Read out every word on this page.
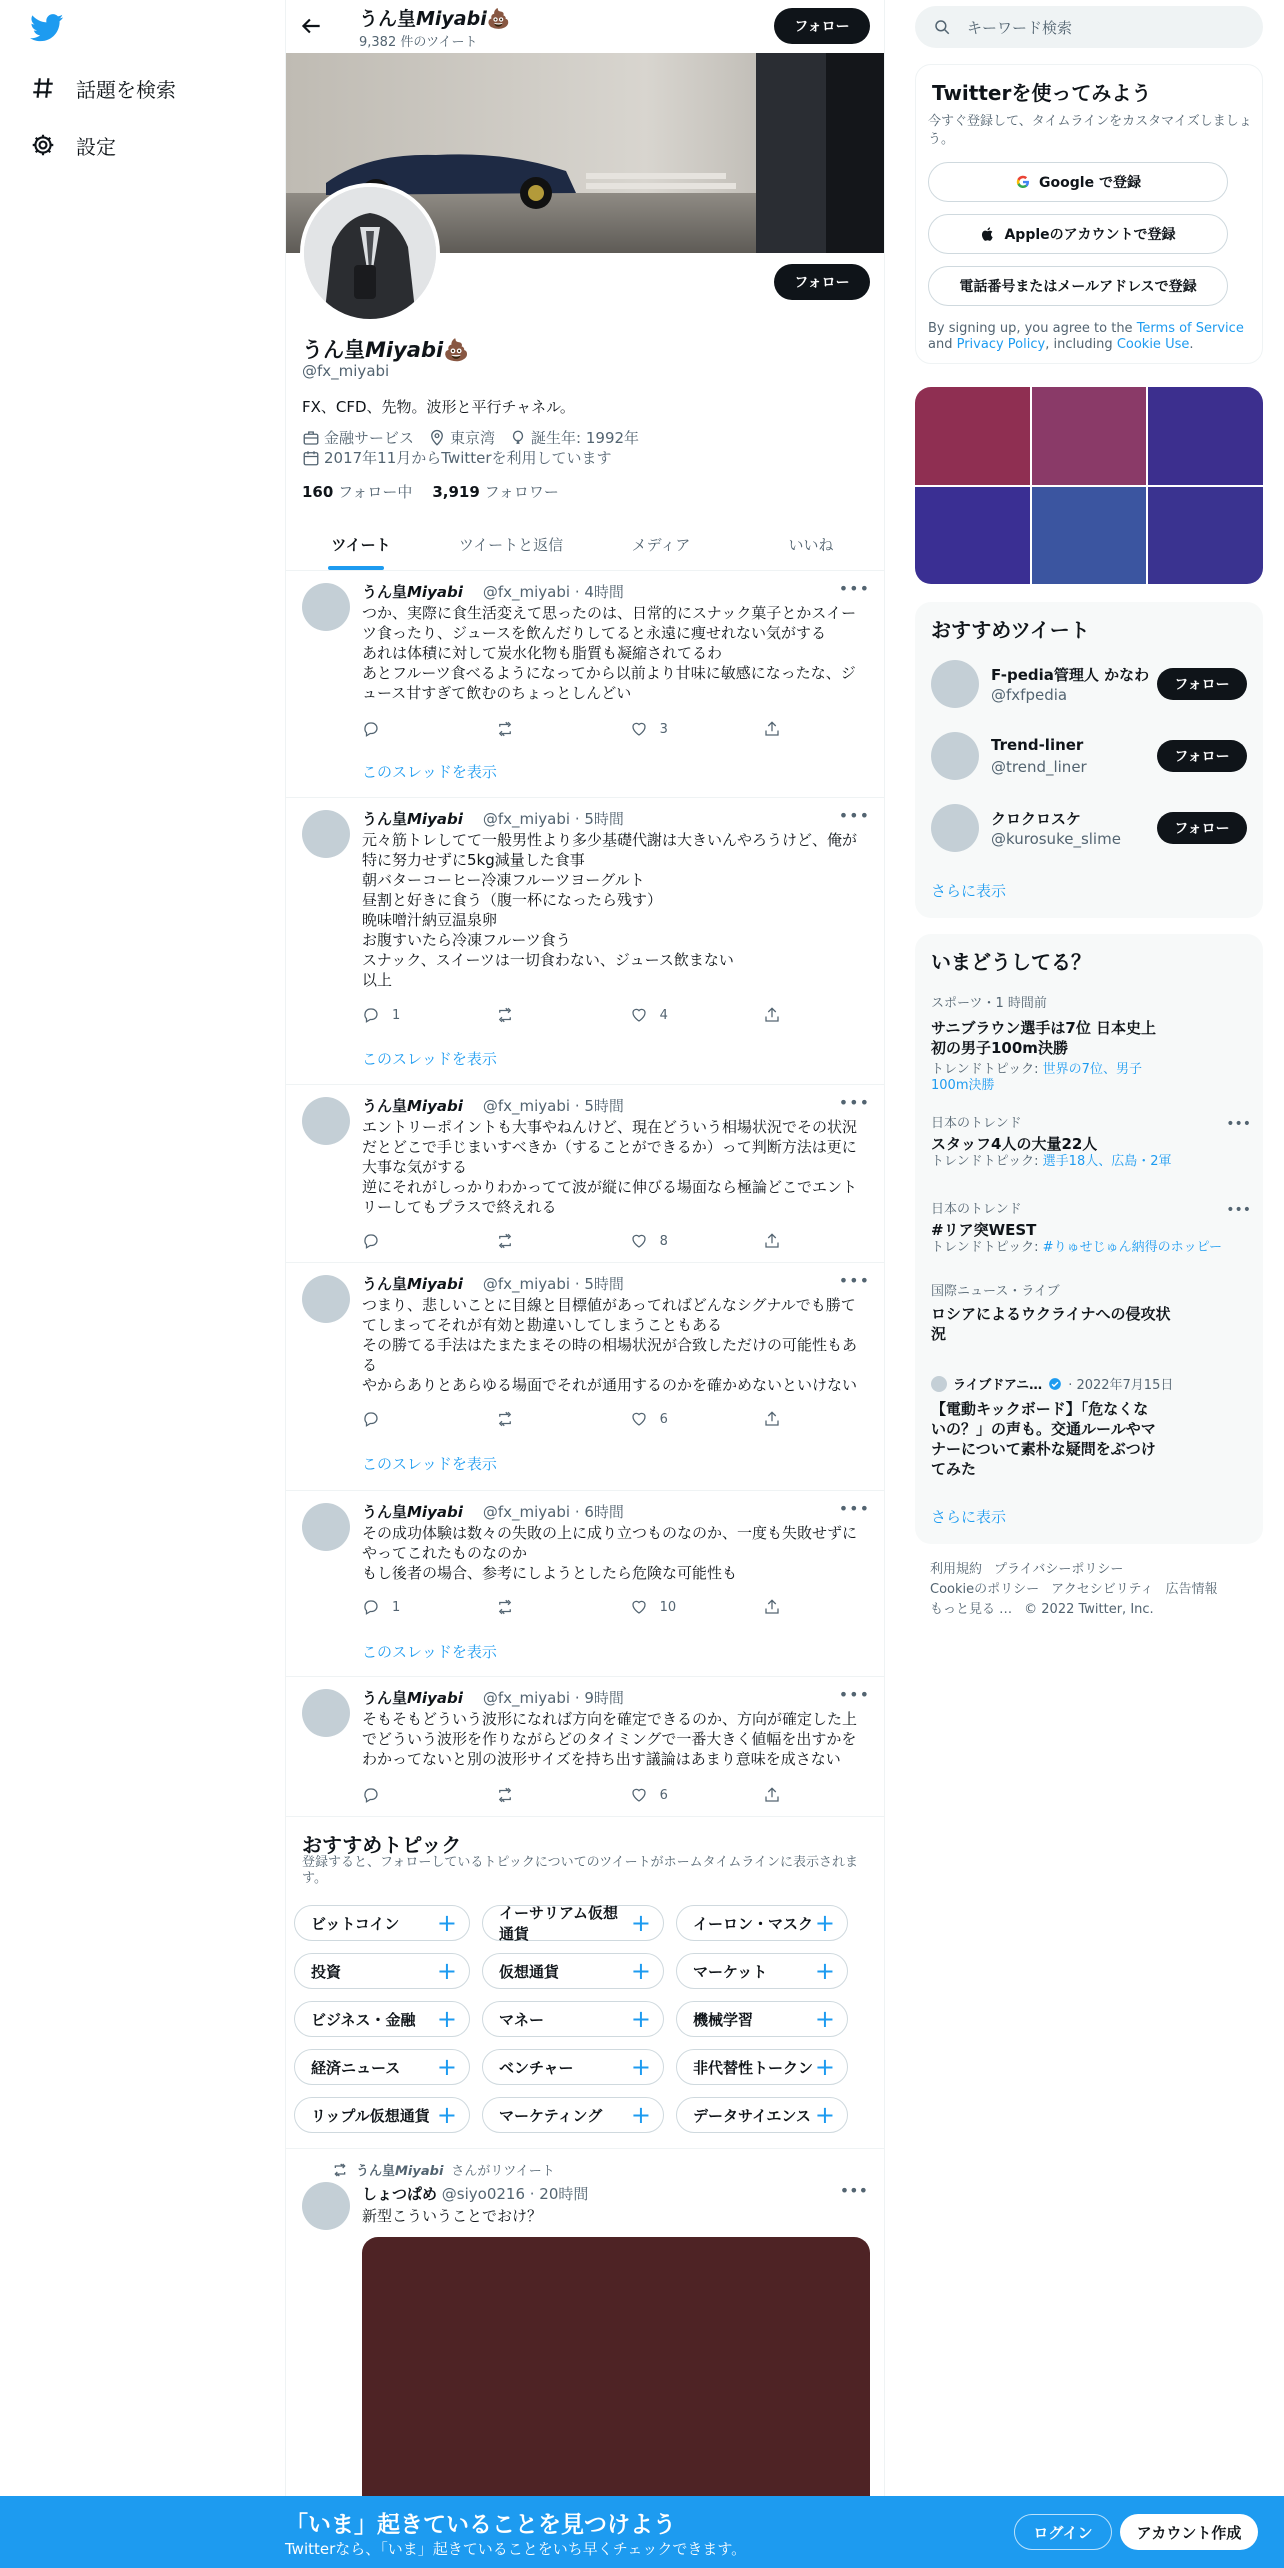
話題を検索
設定
うん皇𝙈𝙞𝙮𝙖𝙗𝙞💩
9,382 件のツイート
フォロー
フォロー
うん皇𝙈𝙞𝙮𝙖𝙗𝙞💩
@fx_miyabi
FX、CFD、先物。波形と平行チャネル。
金融サービス 東京湾 誕生年: 1992年
2017年11月からTwitterを利用しています
160 フォロー中 3,919 フォロワー
ツイート	ツイートと返信	メディア	いいね
うん皇𝙈𝙞𝙮𝙖𝙗𝙞 @fx_miyabi · 4時間	•••
つか、実際に食生活変えて思ったのは、日常的にスナック菓子とかスイーツ食ったり、ジュースを飲んだりしてると永遠に痩せれない気がする
あれは体積に対して炭水化物も脂質も凝縮されてるわ
あとフルーツ食べるようになってから以前より甘味に敏感になったな、ジュース甘すぎて飲むのちょっとしんどい
3
このスレッドを表示
うん皇𝙈𝙞𝙮𝙖𝙗𝙞 @fx_miyabi · 5時間	•••
元々筋トレしてて一般男性より多少基礎代謝は大きいんやろうけど、俺が特に努力せずに5kg減量した食事
朝バターコーヒー冷凍フルーツヨーグルト
昼割と好きに食う（腹一杯になったら残す）
晩味噌汁納豆温泉卵
お腹すいたら冷凍フルーツ食う
スナック、スイーツは一切食わない、ジュース飲まない
以上
1	4
このスレッドを表示
うん皇𝙈𝙞𝙮𝙖𝙗𝙞 @fx_miyabi · 5時間	•••
エントリーポイントも大事やねんけど、現在どういう相場状況でその状況だとどこで手じまいすべきか（することができるか）って判断方法は更に大事な気がする
逆にそれがしっかりわかってて波が縦に伸びる場面なら極論どこでエントリーしてもプラスで終えれる
8
うん皇𝙈𝙞𝙮𝙖𝙗𝙞 @fx_miyabi · 5時間	•••
つまり、悲しいことに目線と目標値があってればどんなシグナルでも勝ててしまってそれが有効と勘違いしてしまうこともある
その勝てる手法はたまたまその時の相場状況が合致しただけの可能性もある
やからありとあらゆる場面でそれが通用するのかを確かめないといけない
6
このスレッドを表示
うん皇𝙈𝙞𝙮𝙖𝙗𝙞 @fx_miyabi · 6時間	•••
その成功体験は数々の失敗の上に成り立つものなのか、一度も失敗せずにやってこれたものなのか
もし後者の場合、参考にしようとしたら危険な可能性も
1	10
このスレッドを表示
うん皇𝙈𝙞𝙮𝙖𝙗𝙞 @fx_miyabi · 9時間	•••
そもそもどういう波形になれば方向を確定できるのか、方向が確定した上でどういう波形を作りながらどのタイミングで一番大きく値幅を出すかをわかってないと別の波形サイズを持ち出す議論はあまり意味を成さない
6
おすすめトピック
登録すると、フォローしているトピックについてのツイートがホームタイムラインに表示されます。
ビットコイン +	イーサリアム仮想通貨	+	イーロン・マスク +
投資	+	仮想通貨	+	マーケット +
ビジネス・金融 +	マネー	+	機械学習	+
経済ニュース +	ベンチャー +	非代替性トークン +
リップル仮想通貨 +	マーケティング +	データサイエンス +
うん皇𝙈𝙞𝙮𝙖𝙗𝙞 さんがリツイート
しょつぱめ @siyo0216 · 20時間	•••
新型こういうことでおけ？
キーワード検索
Twitterを使ってみよう
今すぐ登録して、タイムラインをカスタマイズしましょう。
Google で登録
Appleのアカウントで登録
電話番号またはメールアドレスで登録
By signing up, you agree to the Terms of Service and Privacy Policy, including Cookie Use.
おすすめツイート
F-pedia管理人 かなわ
@fxfpedia
フォロー
Trend-liner
@trend_liner
フォロー
クロクロスケ
@kurosuke_slime
フォロー
さらに表示
いまどうしてる？
スポーツ・1 時間前
サニブラウン選手は7位 日本史上初の男子100m決勝
トレンドトピック: 世界の7位、男子100m決勝
日本のトレンド
スタッフ4人の大量22人
トレンドトピック: 選手18人、広島・2軍
•••
日本のトレンド
#リア突WEST
トレンドトピック: #りゅせじゅん納得のホッピー
•••
国際ニュース・ライブ
ロシアによるウクライナへの侵攻状況
ライブドアニ… · 2022年7月15日
【電動キックボード】「危なくないの？」の声も。交通ルールやマナーについて素朴な疑問をぶつけてみた
さらに表示
利用規約 プライバシーポリシー
Cookieのポリシー アクセシビリティ 広告情報
もっと見る … © 2022 Twitter, Inc.
「いま」起きていることを見つけよう
Twitterなら、「いま」起きていることをいち早くチェックできます。
ログイン	アカウント作成
